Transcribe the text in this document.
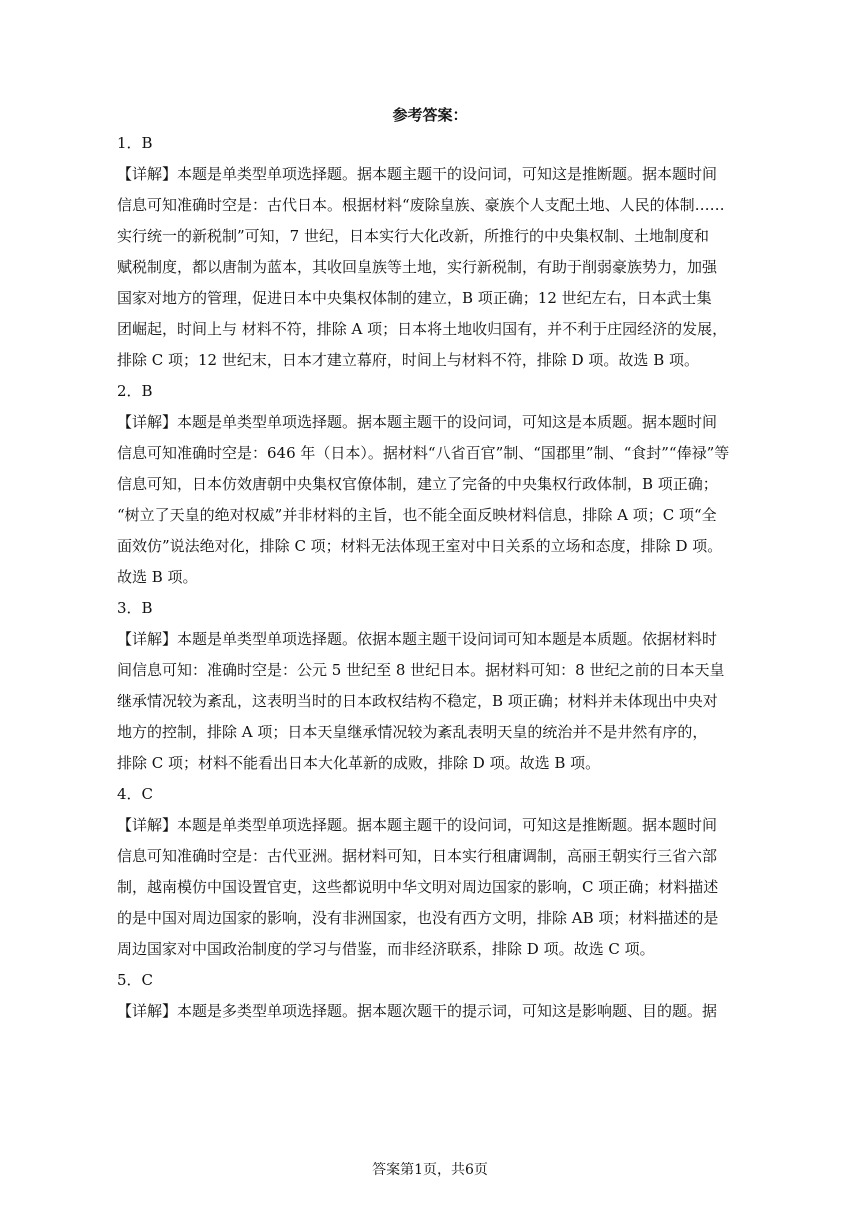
参考答案：
1．B

【详解】本题是单类型单项选择题。据本题主题干的设问词，可知这是推断题。据本题时间

信息可知准确时空是：古代日本。根据材料“废除皇族、豪族个人支配土地、人民的体制……

实行统一的新税制”可知，7 世纪，日本实行大化改新，所推行的中央集权制、土地制度和

赋税制度，都以唐制为蓝本，其收回皇族等土地，实行新税制，有助于削弱豪族势力，加强

国家对地方的管理，促进日本中央集权体制的建立，B 项正确；12 世纪左右，日本武士集

团崛起，时间上与 材料不符，排除 A 项；日本将土地收归国有，并不利于庄园经济的发展，

排除 C 项；12 世纪末，日本才建立幕府，时间上与材料不符，排除 D 项。故选 B 项。

2．B

【详解】本题是单类型单项选择题。据本题主题干的设问词，可知这是本质题。据本题时间

信息可知准确时空是：646 年（日本）。据材料“八省百官”制、“国郡里”制、“食封”“俸禄”等

信息可知，日本仿效唐朝中央集权官僚体制，建立了完备的中央集权行政体制，B 项正确；

“树立了天皇的绝对权威”并非材料的主旨，也不能全面反映材料信息，排除 A 项；C 项“全

面效仿”说法绝对化，排除 C 项；材料无法体现王室对中日关系的立场和态度，排除 D 项。

故选 B 项。

3．B

【详解】本题是单类型单项选择题。依据本题主题干设问词可知本题是本质题。依据材料时

间信息可知：准确时空是：公元 5 世纪至 8 世纪日本。据材料可知：8 世纪之前的日本天皇

继承情况较为紊乱，这表明当时的日本政权结构不稳定，B 项正确；材料并未体现出中央对

地方的控制，排除 A 项；日本天皇继承情况较为紊乱表明天皇的统治并不是井然有序的，

排除 C 项；材料不能看出日本大化革新的成败，排除 D 项。故选 B 项。

4．C

【详解】本题是单类型单项选择题。据本题主题干的设问词，可知这是推断题。据本题时间

信息可知准确时空是：古代亚洲。据材料可知，日本实行租庸调制，高丽王朝实行三省六部

制，越南模仿中国设置官吏，这些都说明中华文明对周边国家的影响，C 项正确；材料描述

的是中国对周边国家的影响，没有非洲国家，也没有西方文明，排除 AB 项；材料描述的是

周边国家对中国政治制度的学习与借鉴，而非经济联系，排除 D 项。故选 C 项。

5．C

【详解】本题是多类型单项选择题。据本题次题干的提示词，可知这是影响题、目的题。据

答案第1页，共6页
